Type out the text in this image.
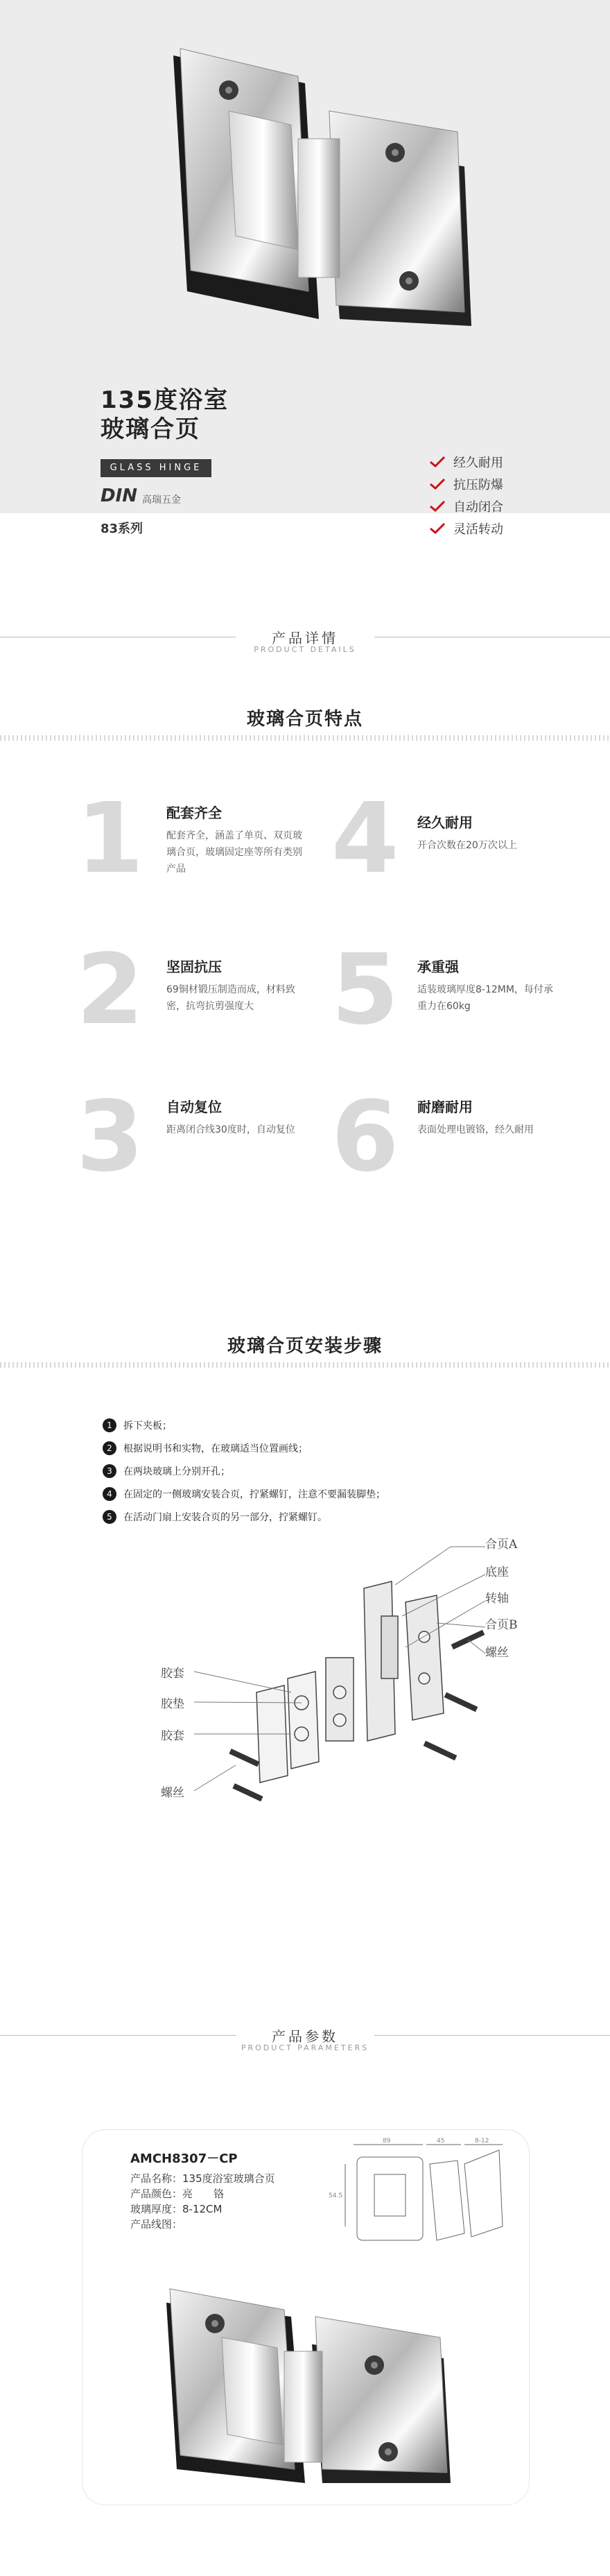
135度浴室
玻璃合页
GLASS HINGE
DIN 高瑞五金
83系列
经久耐用
抗压防爆
自动闭合
灵活转动
产品详情
PRODUCT DETAILS
玻璃合页特点
1 配套齐全
配套齐全，涵盖了单页、双页玻璃合页，玻璃固定座等所有类别产品	4 经久耐用
开合次数在20万次以上
2 坚固抗压
69铜材锻压制造而成，材料致密，抗弯抗剪强度大 5 承重强
适装玻璃厚度8-12MM，每付承重力在60kg
3 自动复位
距离闭合线30度时，自动复位 6 耐磨耐用
表面处理电镀铬，经久耐用
玻璃合页安装步骤
1	拆下夹板；
2	根据说明书和实物，在玻璃适当位置画线；
3	在两块玻璃上分别开孔；
4	在固定的一侧玻璃安装合页，拧紧螺钉，注意不要漏装脚垫；
5	在活动门扇上安装合页的另一部分，拧紧螺钉。
合页A
底座
转轴
合页B
螺丝
胶套
胶垫
胶套
螺丝
产品参数
PRODUCT PARAMETERS
AMCH8307－CP
产品名称：135度浴室玻璃合页
产品颜色：亮　　铬
玻璃厚度：8-12CM
产品线图：
89	45	8-12
54.5
